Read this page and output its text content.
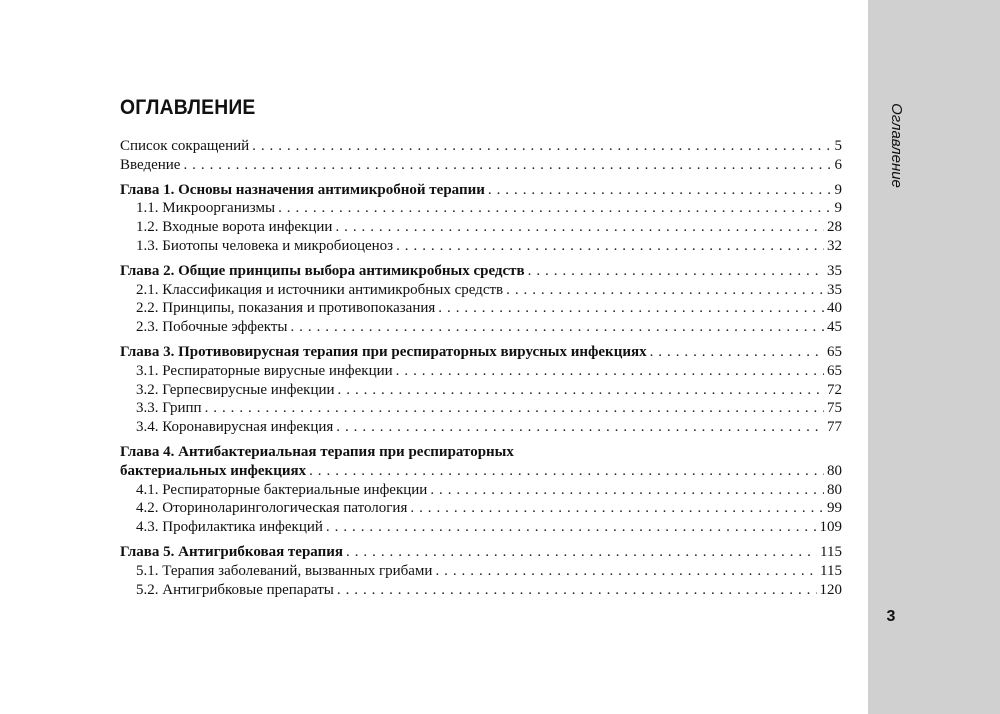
ОГЛАВЛЕНИЕ
Список сокращений . . .	5
Введение . . .	6
Глава 1. Основы назначения антимикробной терапии . . .	9
1.1. Микроорганизмы . . .	9
1.2. Входные ворота инфекции . . .	28
1.3. Биотопы человека и микробиоценоз . . .	32
Глава 2. Общие принципы выбора антимикробных средств . . .	35
2.1. Классификация и источники антимикробных средств . . .	35
2.2. Принципы, показания и противопоказания . . .	40
2.3. Побочные эффекты . . .	45
Глава 3. Противовирусная терапия при респираторных вирусных инфекциях . . .	65
3.1. Респираторные вирусные инфекции . . .	65
3.2. Герпесвирусные инфекции . . .	72
3.3. Грипп . . .	75
3.4. Коронавирусная инфекция . . .	77
Глава 4. Антибактериальная терапия при респираторных
бактериальных инфекциях . . .	80
4.1. Респираторные бактериальные инфекции . . .	80
4.2. Оториноларингологическая патология . . .	99
4.3. Профилактика инфекций . . .	109
Глава 5. Антигрибковая терапия . . .	115
5.1. Терапия заболеваний, вызванных грибами . . .	115
5.2. Антигрибковые препараты . . .	120
Оглавление
3
